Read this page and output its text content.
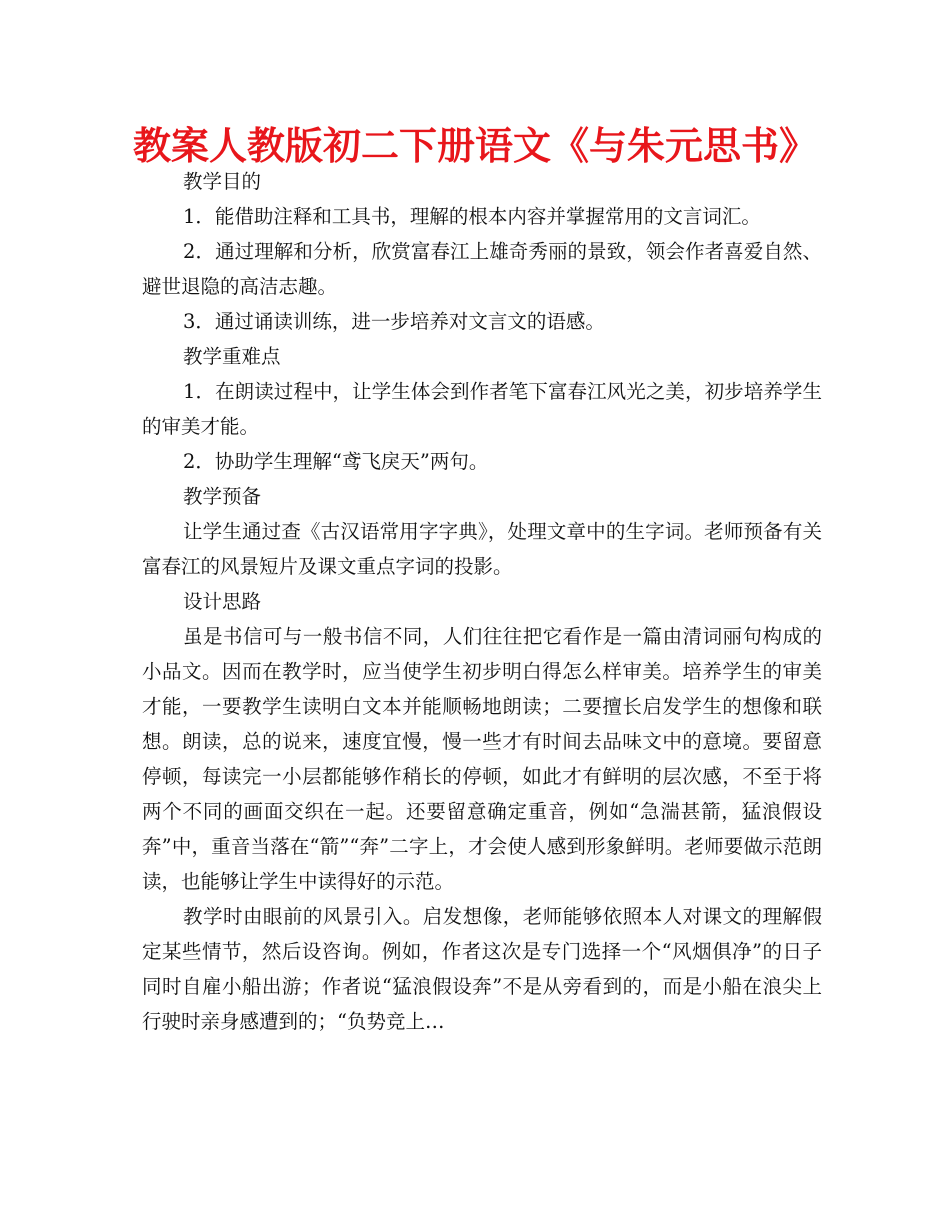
教案人教版初二下册语文《与朱元思书》
教学目的
1．能借助注释和工具书，理解的根本内容并掌握常用的文言词汇。
2．通过理解和分析，欣赏富春江上雄奇秀丽的景致，领会作者喜爱自然、避世退隐的高洁志趣。
3．通过诵读训练，进一步培养对文言文的语感。
教学重难点
1．在朗读过程中，让学生体会到作者笔下富春江风光之美，初步培养学生的审美才能。
2．协助学生理解“鸢飞戾天”两句。
教学预备
让学生通过查《古汉语常用字字典》，处理文章中的生字词。老师预备有关富春江的风景短片及课文重点字词的投影。
设计思路
虽是书信可与一般书信不同，人们往往把它看作是一篇由清词丽句构成的小品文。因而在教学时，应当使学生初步明白得怎么样审美。培养学生的审美才能，一要教学生读明白文本并能顺畅地朗读；二要擅长启发学生的想像和联想。朗读，总的说来，速度宜慢，慢一些才有时间去品味文中的意境。要留意停顿，每读完一小层都能够作稍长的停顿，如此才有鲜明的层次感，不至于将两个不同的画面交织在一起。还要留意确定重音，例如“急湍甚箭，猛浪假设奔”中，重音当落在“箭”“奔”二字上，才会使人感到形象鲜明。老师要做示范朗读，也能够让学生中读得好的示范。
教学时由眼前的风景引入。启发想像，老师能够依照本人对课文的理解假定某些情节，然后设咨询。例如，作者这次是专门选择一个“风烟俱净”的日子同时自雇小船出游；作者说“猛浪假设奔”不是从旁看到的，而是小船在浪尖上行驶时亲身感遭到的；“负势竞上…
